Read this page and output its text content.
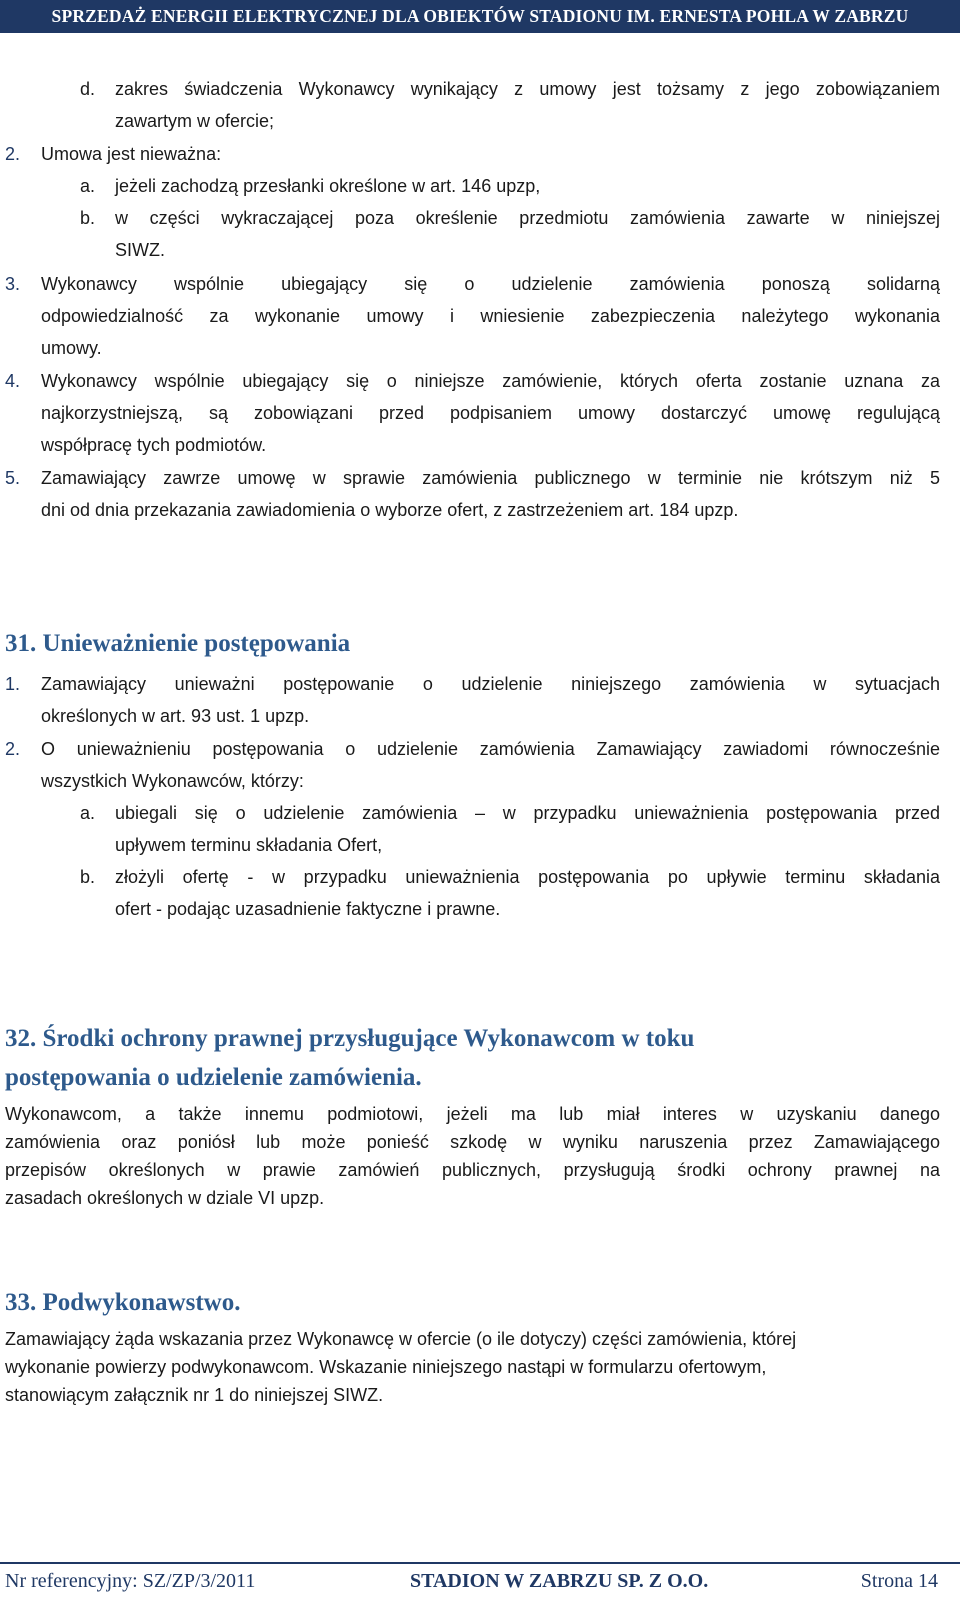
SPRZEDAŻ ENERGII ELEKTRYCZNEJ DLA OBIEKTÓW STADIONU IM. ERNESTA POHLA W ZABRZU
d. zakres świadczenia Wykonawcy wynikający z umowy jest tożsamy z jego zobowiązaniem
zawartym w ofercie;
2. Umowa jest nieważna:
a. jeżeli zachodzą przesłanki określone w art. 146 upzp,
b. w części wykraczającej poza określenie przedmiotu zamówienia zawarte w niniejszej
SIWZ.
3. Wykonawcy wspólnie ubiegający się o udzielenie zamówienia ponoszą solidarną
odpowiedzialność za wykonanie umowy i wniesienie zabezpieczenia należytego wykonania
umowy.
4. Wykonawcy wspólnie ubiegający się o niniejsze zamówienie, których oferta zostanie uznana za
najkorzystniejszą, są zobowiązani przed podpisaniem umowy dostarczyć umowę regulującą
współpracę tych podmiotów.
5. Zamawiający zawrze umowę w sprawie zamówienia publicznego w terminie nie krótszym niż 5
dni od dnia przekazania zawiadomienia o wyborze ofert, z zastrzeżeniem art. 184 upzp.
31. Unieważnienie postępowania
1. Zamawiający unieważni postępowanie o udzielenie niniejszego zamówienia w sytuacjach
określonych w art. 93 ust. 1 upzp.
2. O unieważnieniu postępowania o udzielenie zamówienia Zamawiający zawiadomi równocześnie
wszystkich Wykonawców, którzy:
a. ubiegali się o udzielenie zamówienia – w przypadku unieważnienia postępowania przed
upływem terminu składania Ofert,
b. złożyli ofertę - w przypadku unieważnienia postępowania po upływie terminu składania
ofert - podając uzasadnienie faktyczne i prawne.
32. Środki ochrony prawnej przysługujące Wykonawcom w toku
postępowania o udzielenie zamówienia.
Wykonawcom, a także innemu podmiotowi, jeżeli ma lub miał interes w uzyskaniu danego
zamówienia oraz poniósł lub może ponieść szkodę w wyniku naruszenia przez Zamawiającego
przepisów określonych w prawie zamówień publicznych, przysługują środki ochrony prawnej na
zasadach określonych w dziale VI upzp.
33. Podwykonawstwo.
Zamawiający żąda wskazania przez Wykonawcę w ofercie (o ile dotyczy) części zamówienia, której
wykonanie powierzy podwykonawcom. Wskazanie niniejszego nastąpi w formularzu ofertowym,
stanowiącym załącznik nr 1 do niniejszej SIWZ.
Nr referencyjny: SZ/ZP/3/2011	STADION W ZABRZU SP. Z O.O.	Strona 14
